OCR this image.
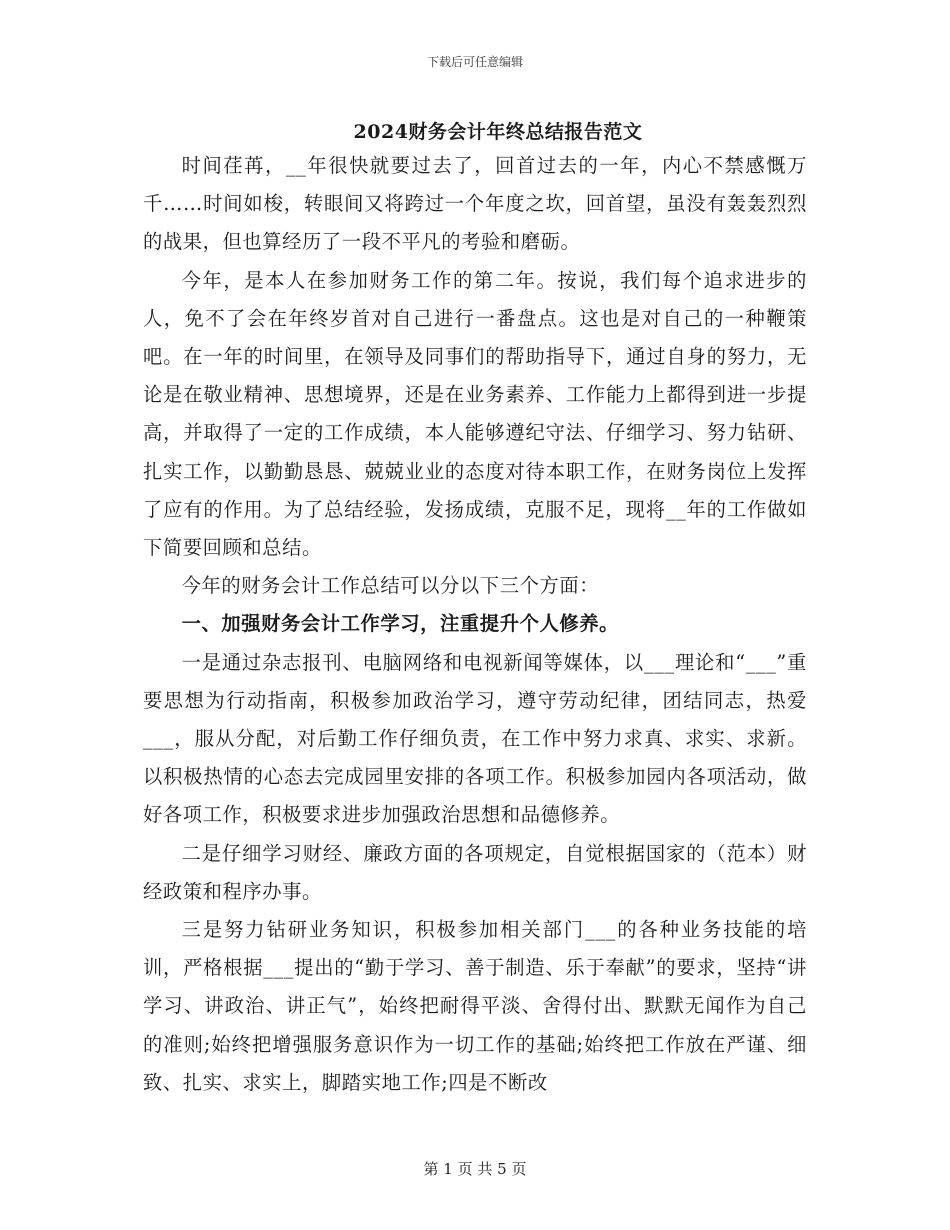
下载后可任意编辑
2024财务会计年终总结报告范文

时间荏苒，__年很快就要过去了，回首过去的一年，内心不禁感慨万千……时间如梭，转眼间又将跨过一个年度之坎，回首望，虽没有轰轰烈烈的战果，但也算经历了一段不平凡的考验和磨砺。

今年，是本人在参加财务工作的第二年。按说，我们每个追求进步的人，免不了会在年终岁首对自己进行一番盘点。这也是对自己的一种鞭策吧。在一年的时间里，在领导及同事们的帮助指导下，通过自身的努力，无论是在敬业精神、思想境界，还是在业务素养、工作能力上都得到进一步提高，并取得了一定的工作成绩，本人能够遵纪守法、仔细学习、努力钻研、扎实工作，以勤勤恳恳、兢兢业业的态度对待本职工作，在财务岗位上发挥了应有的作用。为了总结经验，发扬成绩，克服不足，现将__年的工作做如下简要回顾和总结。

今年的财务会计工作总结可以分以下三个方面：

一、加强财务会计工作学习，注重提升个人修养。

一是通过杂志报刊、电脑网络和电视新闻等媒体，以___理论和“___”重要思想为行动指南，积极参加政治学习，遵守劳动纪律，团结同志，热爱___，服从分配，对后勤工作仔细负责，在工作中努力求真、求实、求新。以积极热情的心态去完成园里安排的各项工作。积极参加园内各项活动，做好各项工作，积极要求进步加强政治思想和品德修养。

二是仔细学习财经、廉政方面的各项规定，自觉根据国家的（范本）财经政策和程序办事。

三是努力钻研业务知识，积极参加相关部门___的各种业务技能的培训，严格根据___提出的“勤于学习、善于制造、乐于奉献”的要求，坚持“讲学习、讲政治、讲正气”，始终把耐得平淡、舍得付出、默默无闻作为自己的准则;始终把增强服务意识作为一切工作的基础;始终把工作放在严谨、细致、扎实、求实上，脚踏实地工作;四是不断改

第 1 页 共 5 页
